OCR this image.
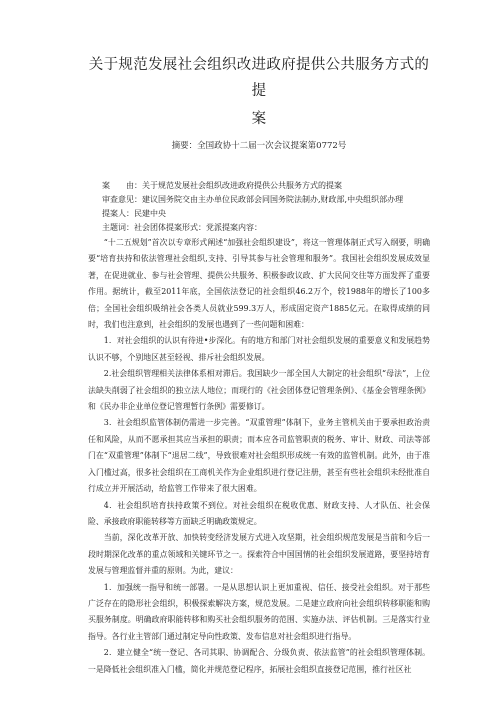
关于规范发展社会组织改进政府提供公共服务方式的提
案
摘要：全国政协十二届一次会议提案第0772号
案　　由：关于规范发展社会组织改进政府提供公共服务方式的提案
审查意见：建议国务院交由主办单位民政部会同国务院法制办,财政部,中央组织部办理
提案人：民建中央
主题词：社会团体提案形式：党派提案内容：

“十二五规划”首次以专章形式阐述“加强社会组织建设”，将这一管理体制正式写入纲要，明确要“培育扶持和依法管理社会组织,支持、引导其参与社会管理和服务”。我国社会组织发展成效显著，在促进就业、参与社会管理、提供公共服务、积极参政议政、扩大民间交往等方面发挥了重要作用。据统计，截至2011年底，全国依法登记的社会组织46.2万个，较1988年的增长了100多倍；全国社会组织吸纳社会各类人员就业599.3万人，形成固定资产1885亿元。在取得成绩的同时，我们也注意到，社会组织的发展也遇到了一些问题和困难：

1．对社会组织的认识有待进•步深化。有的地方和部门对社会组织发展的重要意义和发展趋势认识不够，个别地区甚至轻视、排斥社会组织发展。

2.社会组织管理相关法律体系相对滞后。我国缺少一部全国人大制定的社会组织“母法”，上位法缺失削弱了社会组织的独立法人地位；而现行的《社会团体登记管理条例》、《基金会管理条例》和《民办非企业单位登记管理暂行条例》需要修订。

3．社会组织监管体制仍需进一步完善。“双重管理”体制下，业务主管机关由于要承担政治责任和风险，从而不愿承担其应当承担的职责；而本应各司监管职责的税务、审计、财政、司法等部门在“双重管理”体制下“退居二线”，导致很难对社会组织形成统一有效的监管机制。此外，由于准入门槛过高，很多社会组织在工商机关作为企业组织进行登记注册，甚至有些社会组织未经批准自行成立并开展活动，给监管工作带来了很大困难。

4．社会组织培育扶持政策不到位。对社会组织在税收优惠、财政支持、人才队伍、社会保险、承接政府职能转移等方面缺乏明确政策规定。

当前，深化改革开放、加快转变经济发展方式进入攻坚期，社会组织规范发展是当前和今后一段时期深化改革的重点领域和关键环节之一。探索符合中国国情的社会组织发展道路，要坚持培育发展与管理监督并重的原则。为此，建议：

1．加强统一指导和统一部署。一是从思想认识上更加重视、信任、接受社会组织。对于那些广泛存在的隐形社会组织，积极探索解决方案，规范发展。二是建立政府向社会组织转移职能和购买服务制度。明确政府职能转移和购买社会组织服务的范围、实施办法、评估机制。三是落实行业指导。各行业主管部门通过制定导向性政策、发布信息对社会组织进行指导。

2．建立健全“统一登记、各司其职、协调配合、分级负责、依法监管”的社会组织管理体制。一是降低社会组织准入门槛，简化并规范登记程序，拓展社会组织直接登记范围，推行社区社
